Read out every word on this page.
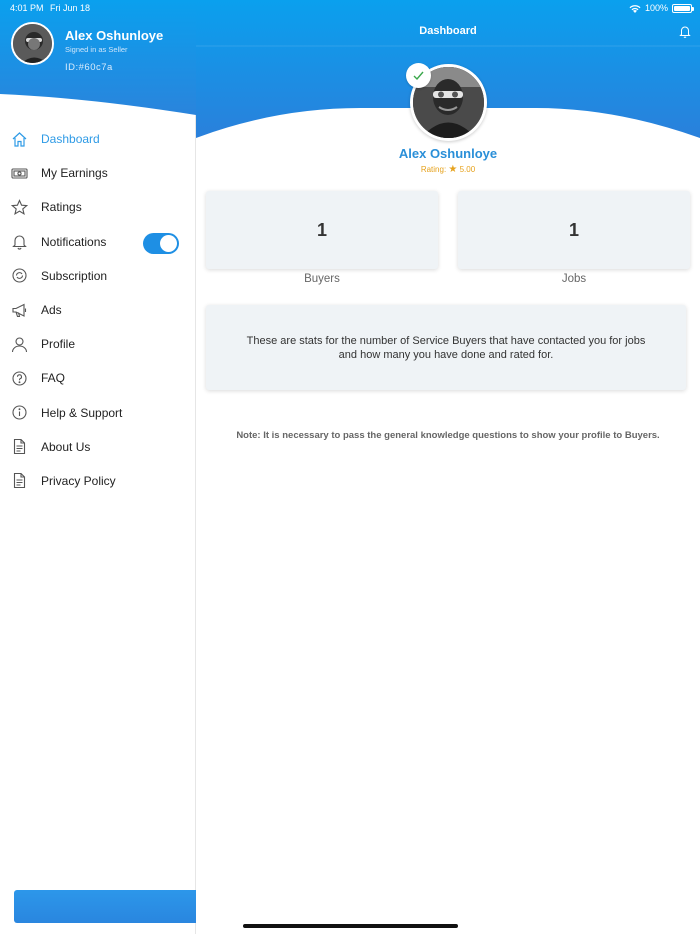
Alex Oshunloye
Signed in as Seller
ID:#60c7a
Dashboard
My Earnings
Ratings
Notifications
Subscription
Ads
Profile
FAQ
Help & Support
About Us
Privacy Policy
Dashboard
Alex Oshunloye
Rating: ★ 5.00
1
Buyers
1
Jobs
These are stats for the number of Service Buyers that have contacted you for jobs and how many you have done and rated for.
Note: It is necessary to pass the general knowledge questions to show your profile to Buyers.
4:01 PM Fri Jun 18	100%
